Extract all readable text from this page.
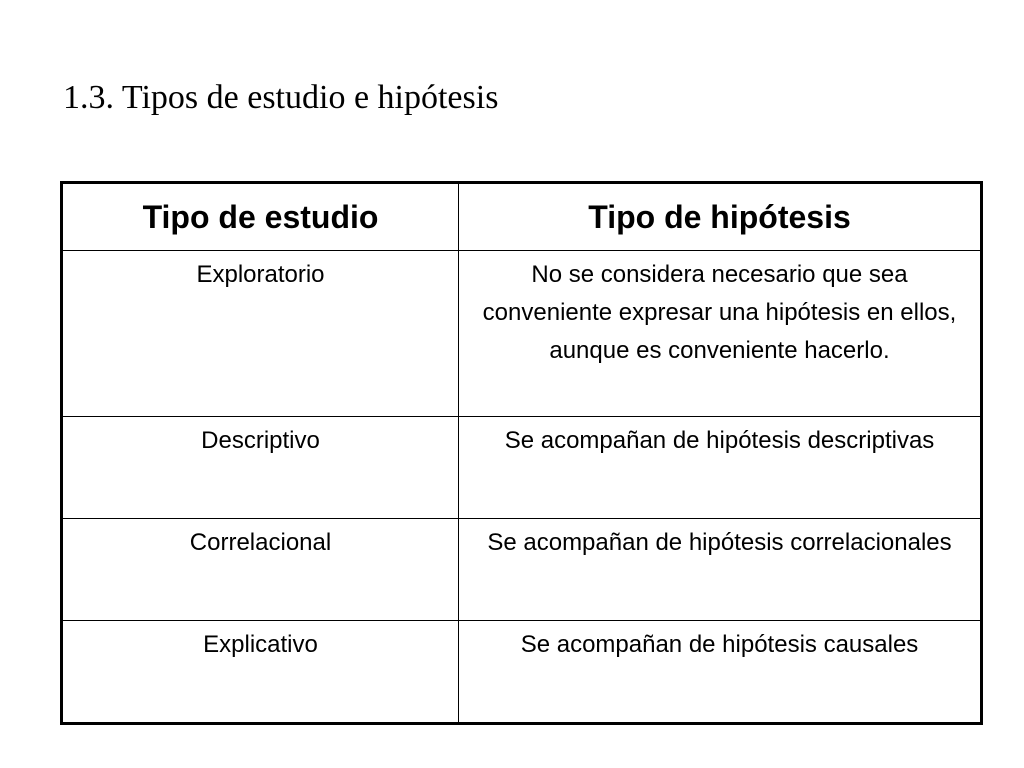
1.3. Tipos de estudio e hipótesis
Tipo de estudio	Tipo de hipótesis
Exploratorio	No se considera necesario que sea conveniente expresar una hipótesis en ellos, aunque es conveniente hacerlo.
Descriptivo	Se acompañan de hipótesis descriptivas
Correlacional	Se acompañan de hipótesis correlacionales
Explicativo	Se acompañan de hipótesis causales
